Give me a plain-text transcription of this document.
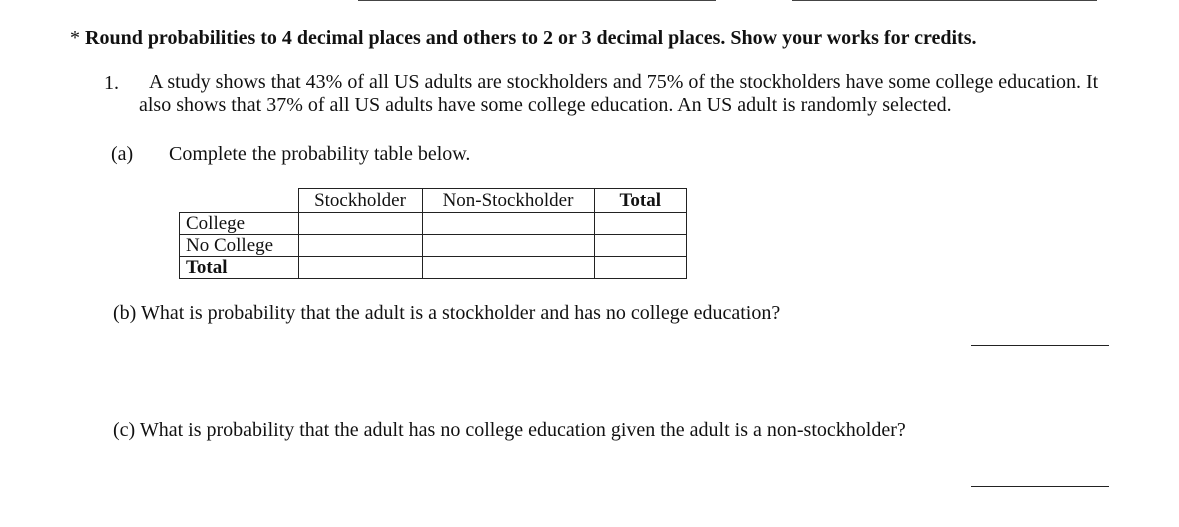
* Round probabilities to 4 decimal places and others to 2 or 3 decimal places. Show your works for credits.
1.	A study shows that 43% of all US adults are stockholders and 75% of the stockholders have some college education. It also shows that 37% of all US adults have some college education. An US adult is randomly selected.
(a) Complete the probability table below.
	Stockholder	Non-Stockholder	Total
College			
No College			
Total			
(b) What is probability that the adult is a stockholder and has no college education?
(c) What is probability that the adult has no college education given the adult is a non-stockholder?
